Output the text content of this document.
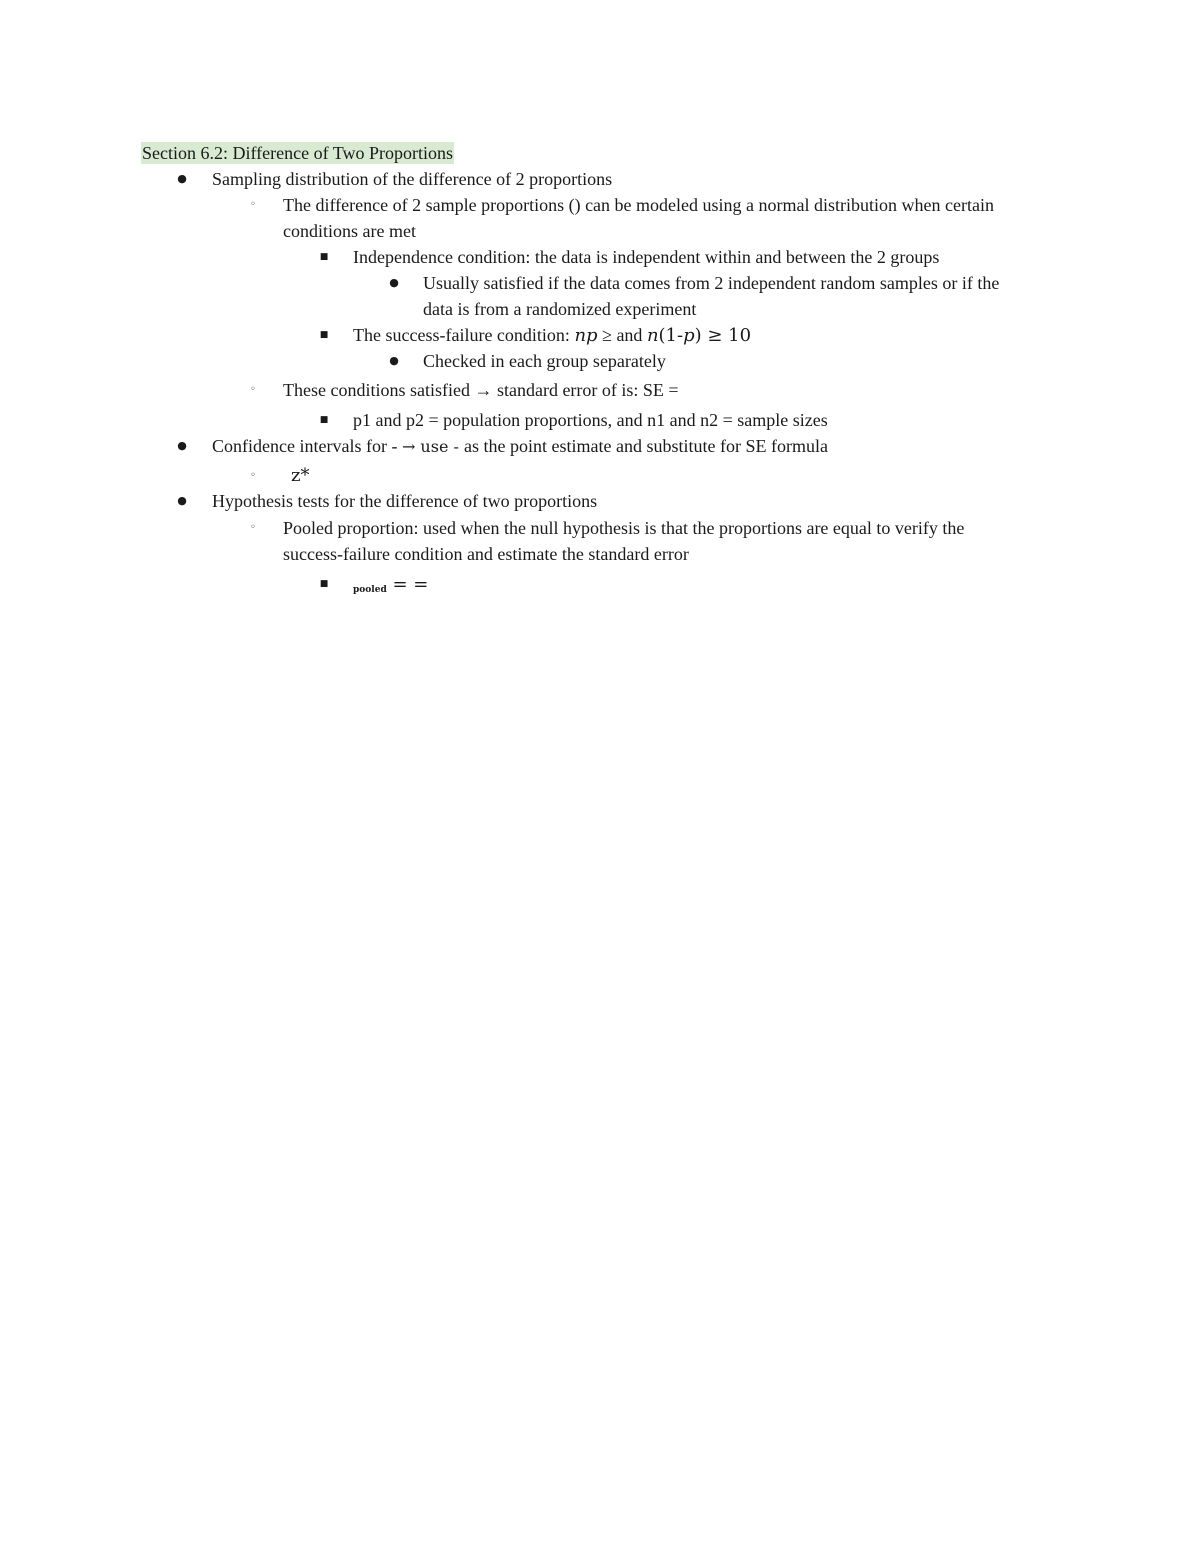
Section 6.2: Difference of Two Proportions
● Sampling distribution of the difference of 2 proportions
◦ The difference of 2 sample proportions () can be modeled using a normal distribution when certain
conditions are met
■ Independence condition: the data is independent within and between the 2 groups
● Usually satisfied if the data comes from 2 independent random samples or if the
data is from a randomized experiment
■ The success-failure condition: np ≥ and n(1-p) ≥ 10
● Checked in each group separately
◦ These conditions satisfied → standard error of is: SE =
■ p1 and p2 = population proportions, and n1 and n2 = sample sizes
● Confidence intervals for - → use - as the point estimate and substitute for SE formula
◦ z*
● Hypothesis tests for the difference of two proportions
◦ Pooled proportion: used when the null hypothesis is that the proportions are equal to verify the
success-failure condition and estimate the standard error
■
pooled = =
